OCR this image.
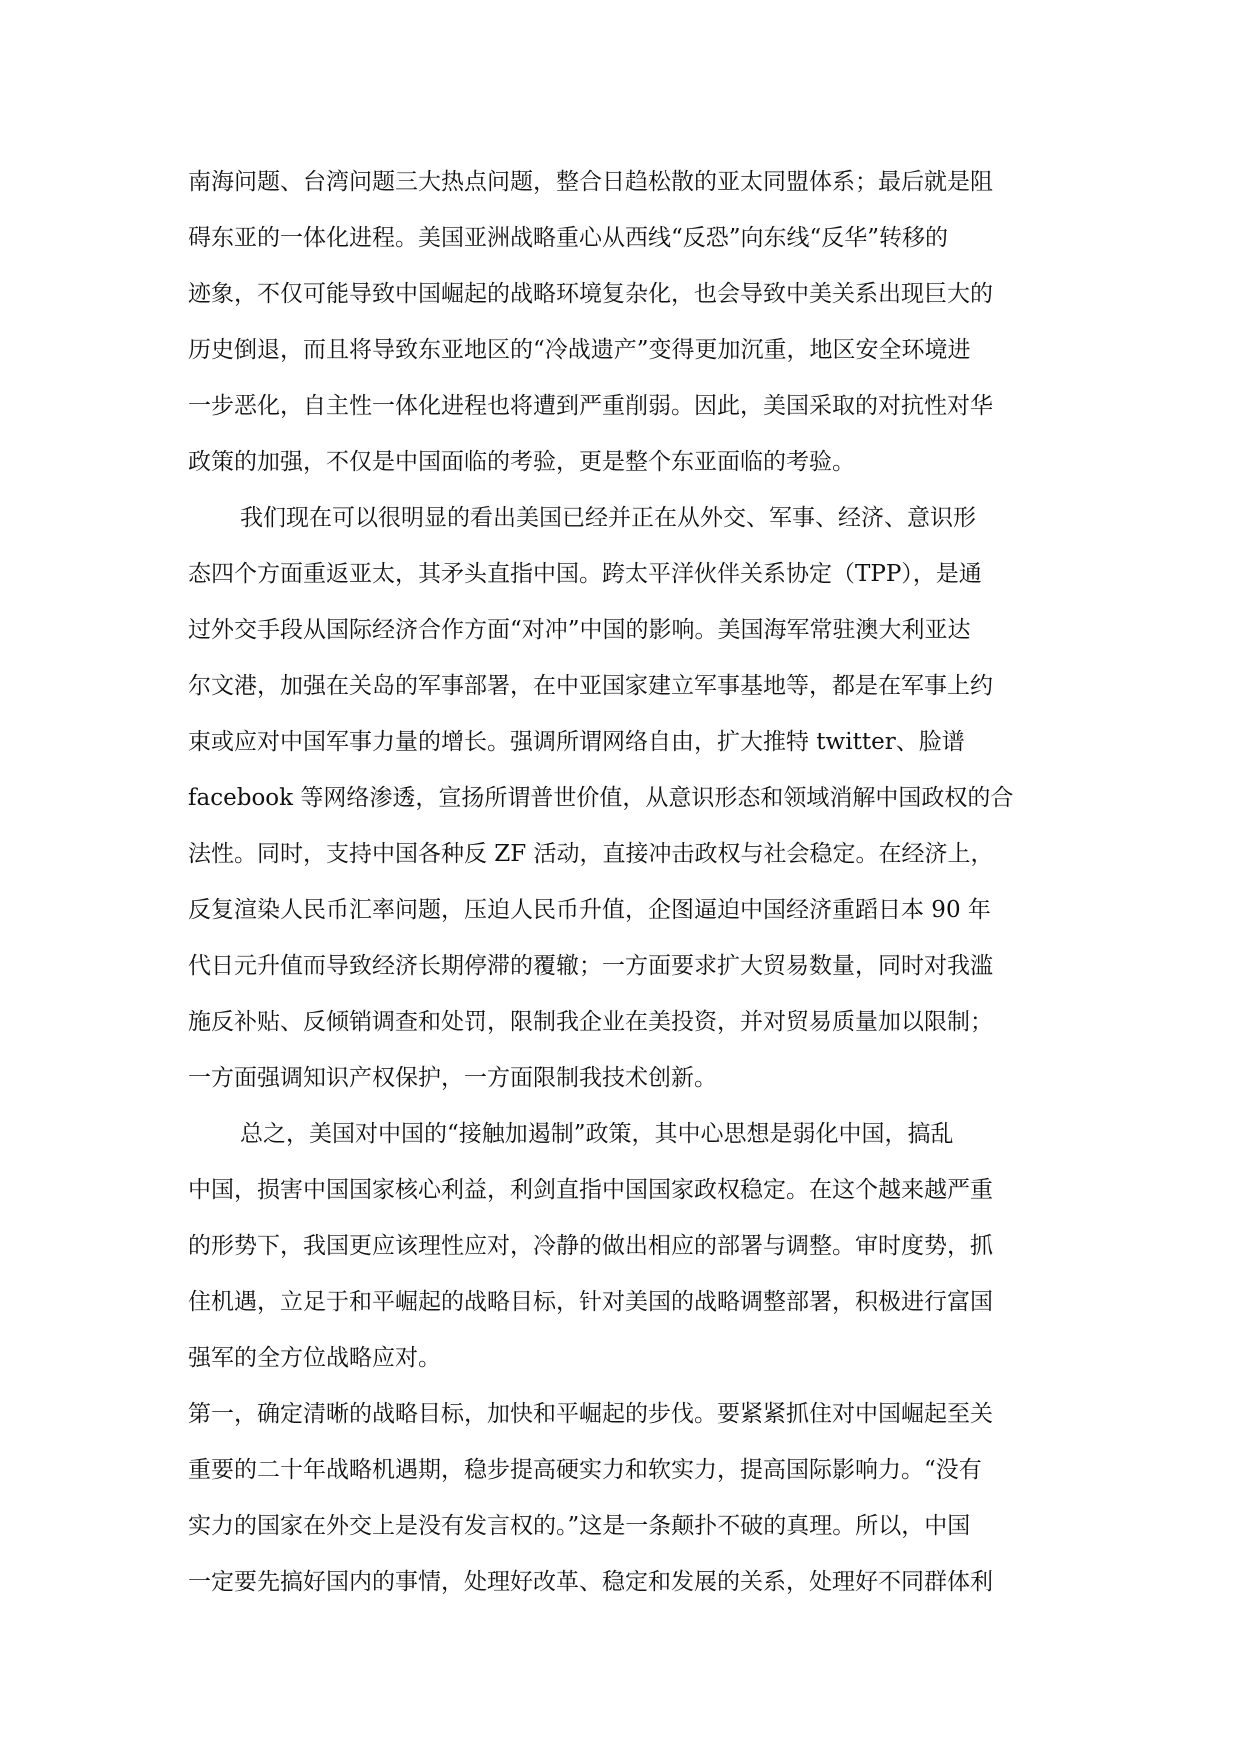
南海问题、台湾问题三大热点问题，整合日趋松散的亚太同盟体系；最后就是阻
碍东亚的一体化进程。美国亚洲战略重心从西线“反恐”向东线“反华”转移的
迹象，不仅可能导致中国崛起的战略环境复杂化，也会导致中美关系出现巨大的
历史倒退，而且将导致东亚地区的“冷战遗产”变得更加沉重，地区安全环境进
一步恶化，自主性一体化进程也将遭到严重削弱。因此，美国采取的对抗性对华
政策的加强，不仅是中国面临的考验，更是整个东亚面临的考验。
我们现在可以很明显的看出美国已经并正在从外交、军事、经济、意识形
态四个方面重返亚太，其矛头直指中国。跨太平洋伙伴关系协定（TPP），是通
过外交手段从国际经济合作方面“对冲”中国的影响。美国海军常驻澳大利亚达
尔文港，加强在关岛的军事部署，在中亚国家建立军事基地等，都是在军事上约
束或应对中国军事力量的增长。强调所谓网络自由，扩大推特 twitter、脸谱
facebook 等网络渗透，宣扬所谓普世价值，从意识形态和领域消解中国政权的合
法性。同时，支持中国各种反 ZF 活动，直接冲击政权与社会稳定。在经济上，
反复渲染人民币汇率问题，压迫人民币升值，企图逼迫中国经济重蹈日本 90 年
代日元升值而导致经济长期停滞的覆辙；一方面要求扩大贸易数量，同时对我滥
施反补贴、反倾销调查和处罚，限制我企业在美投资，并对贸易质量加以限制；
一方面强调知识产权保护，一方面限制我技术创新。
总之，美国对中国的“接触加遏制”政策，其中心思想是弱化中国，搞乱
中国，损害中国国家核心利益，利剑直指中国国家政权稳定。在这个越来越严重
的形势下，我国更应该理性应对，冷静的做出相应的部署与调整。审时度势，抓
住机遇，立足于和平崛起的战略目标，针对美国的战略调整部署，积极进行富国
强军的全方位战略应对。
第一，确定清晰的战略目标，加快和平崛起的步伐。要紧紧抓住对中国崛起至关
重要的二十年战略机遇期，稳步提高硬实力和软实力，提高国际影响力。“没有
实力的国家在外交上是没有发言权的。”这是一条颠扑不破的真理。所以，中国
一定要先搞好国内的事情，处理好改革、稳定和发展的关系，处理好不同群体利
